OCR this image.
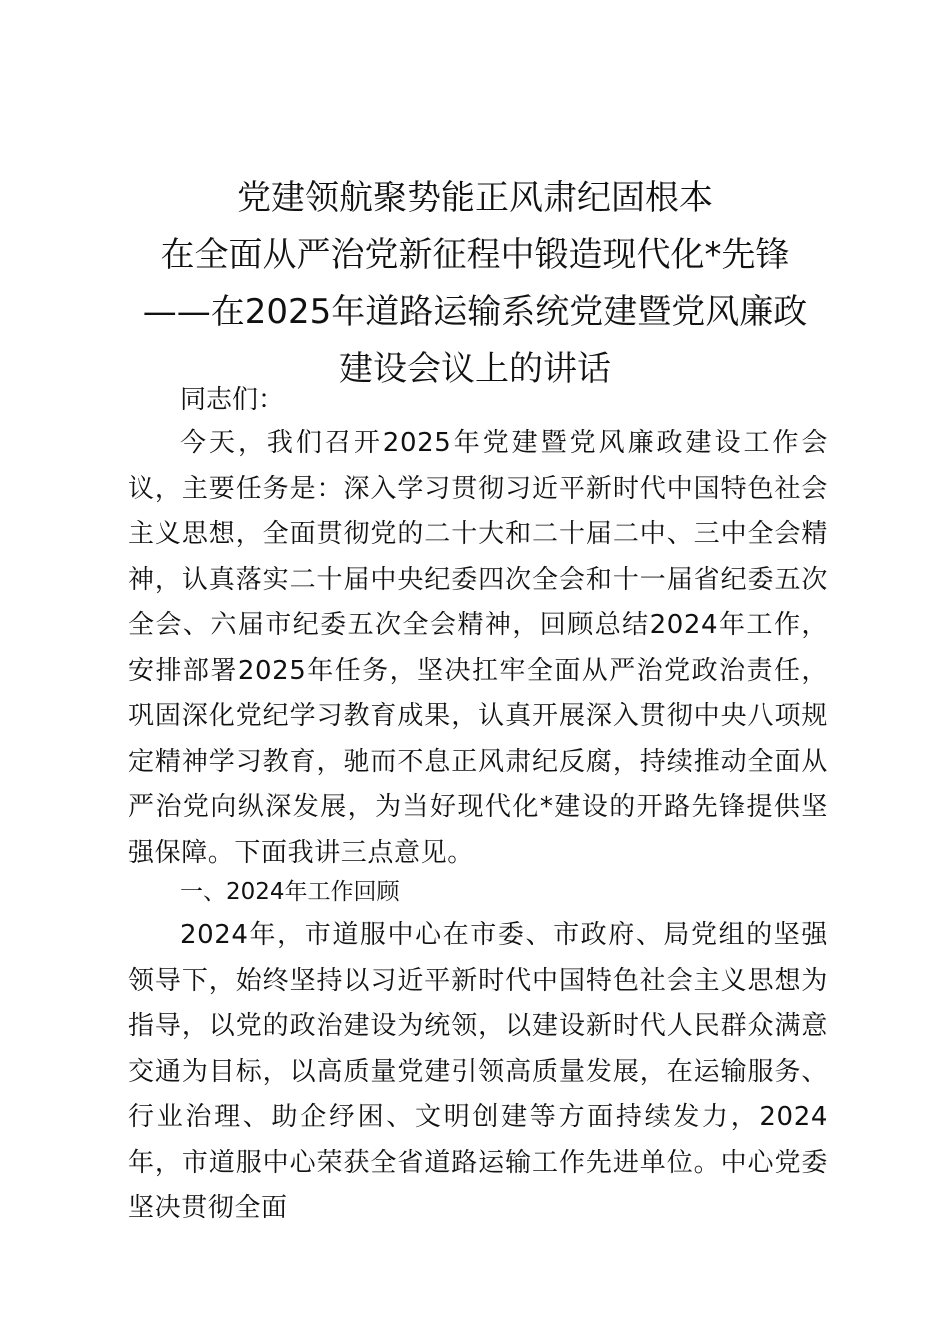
党建领航聚势能正风肃纪固根本
在全面从严治党新征程中锻造现代化*先锋
——在2025年道路运输系统党建暨党风廉政
建设会议上的讲话
同志们：

今天，我们召开2025年党建暨党风廉政建设工作会议，主要任务是：深入学习贯彻习近平新时代中国特色社会主义思想，全面贯彻党的二十大和二十届二中、三中全会精神，认真落实二十届中央纪委四次全会和十一届省纪委五次全会、六届市纪委五次全会精神，回顾总结2024年工作，安排部署2025年任务，坚决扛牢全面从严治党政治责任，巩固深化党纪学习教育成果，认真开展深入贯彻中央八项规定精神学习教育，驰而不息正风肃纪反腐，持续推动全面从严治党向纵深发展，为当好现代化*建设的开路先锋提供坚强保障。下面我讲三点意见。

一、2024年工作回顾

2024年，市道服中心在市委、市政府、局党组的坚强领导下，始终坚持以习近平新时代中国特色社会主义思想为指导，以党的政治建设为统领，以建设新时代人民群众满意交通为目标，以高质量党建引领高质量发展，在运输服务、行业治理、助企纾困、文明创建等方面持续发力，2024年，市道服中心荣获全省道路运输工作先进单位。中心党委坚决贯彻全面
